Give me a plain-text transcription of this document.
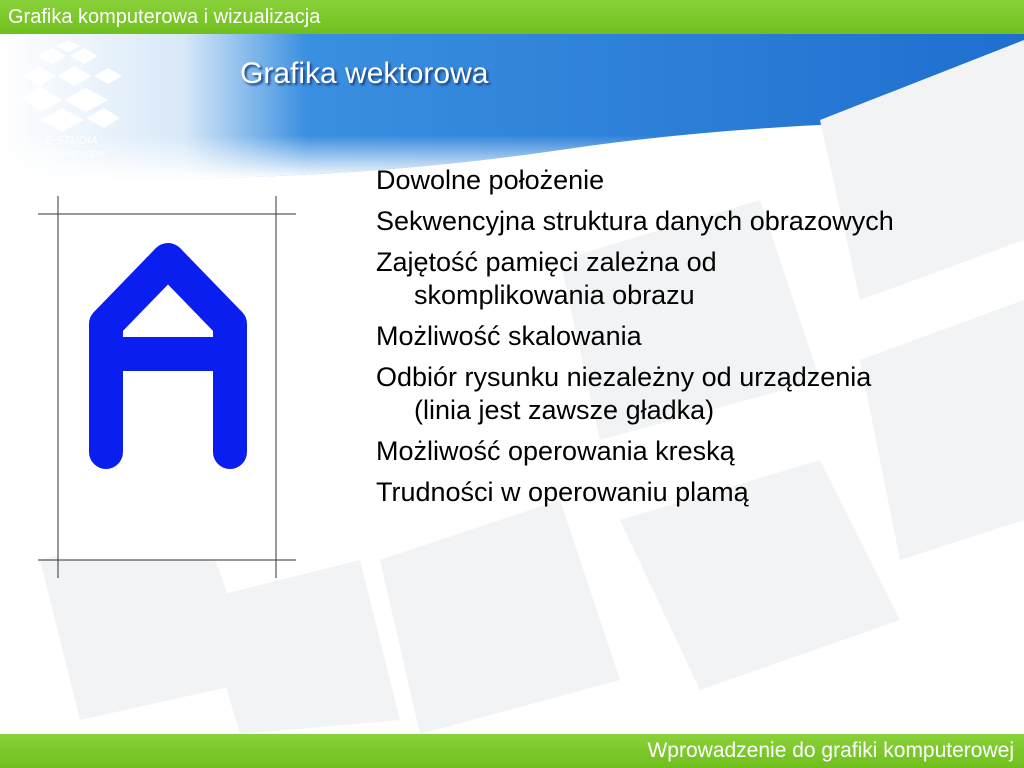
Grafika komputerowa i wizualizacja
E-STUDIA
INFORMATYCZNE
Grafika wektorowa
Dowolne położenie
Sekwencyjna struktura danych obrazowych
Zajętość pamięci zależna od
skomplikowania obrazu
Możliwość skalowania
Odbiór rysunku niezależny od urządzenia
(linia jest zawsze gładka)
Możliwość operowania kreską
Trudności w operowaniu plamą
Wprowadzenie do grafiki komputerowej
